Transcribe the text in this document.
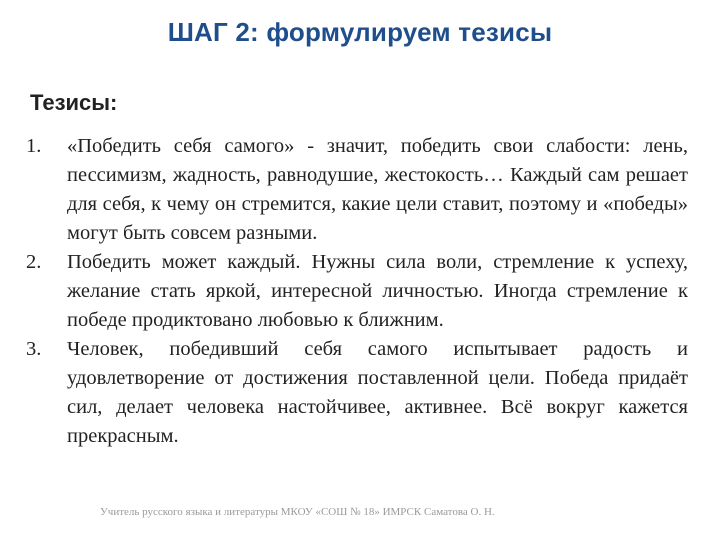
ШАГ 2: формулируем тезисы
Тезисы:
1. «Победить себя самого» - значит, победить свои слабости: лень, пессимизм, жадность, равнодушие, жестокость… Каждый сам решает для себя, к чему он стремится, какие цели ставит, поэтому и «победы» могут быть совсем разными.
2. Победить может каждый. Нужны сила воли, стремление к успеху, желание стать яркой, интересной личностью. Иногда стремление к победе продиктовано любовью к ближним.
3. Человек, победивший себя самого испытывает радость и удовлетворение от достижения поставленной цели. Победа придаёт сил, делает человека настойчивее, активнее. Всё вокруг кажется прекрасным.
Учитель русского языка и литературы МКОУ «СОШ № 18» ИМРСК Саматова О. Н.
